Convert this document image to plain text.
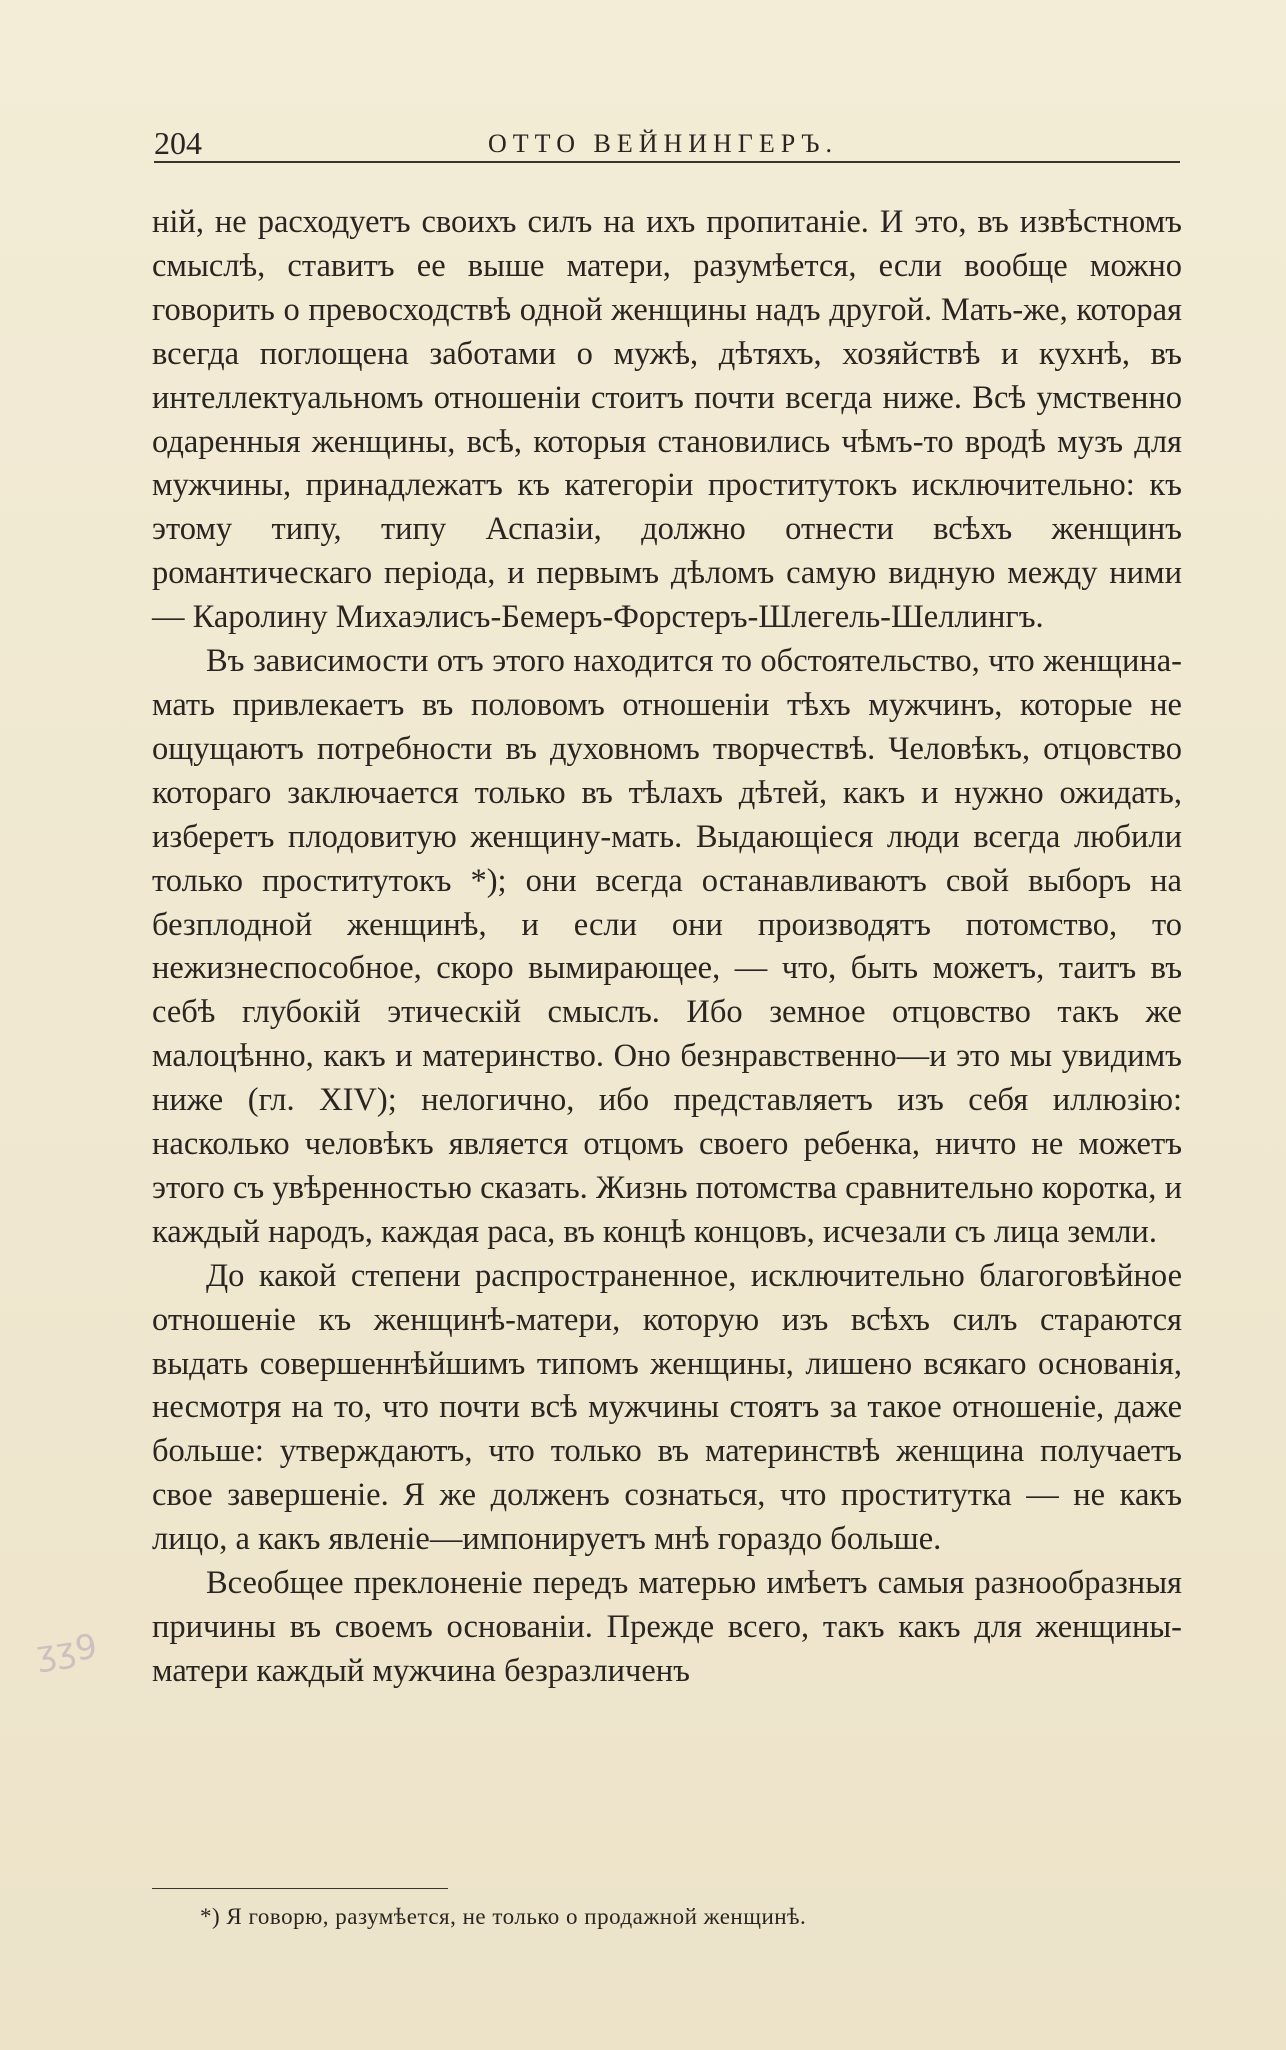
204	ОТТО ВЕЙНИНГЕРЪ.

ній, не расходуетъ своихъ силъ на ихъ пропитаніе. И это, въ извѣстномъ смыслѣ, ставитъ ее выше матери, разумѣется, если вообще можно говорить о превосходствѣ одной женщины надъ другой. Мать-же, которая всегда поглощена заботами о мужѣ, дѣтяхъ, хозяйствѣ и кухнѣ, въ интеллектуальномъ отношеніи стоитъ почти всегда ниже. Всѣ умственно одаренныя женщины, всѣ, которыя становились чѣмъ-то вродѣ музъ для мужчины, принадлежатъ къ категоріи проститутокъ исключительно: къ этому типу, типу Аспазіи, должно отнести всѣхъ женщинъ романтическаго періода, и первымъ дѣломъ самую видную между ними— Каролину Михаэлисъ-Бемеръ-Форстеръ-Шлегель-Шеллингъ.

Въ зависимости отъ этого находится то обстоятельство, что женщина-мать привлекаетъ въ половомъ отношеніи тѣхъ мужчинъ, которые не ощущаютъ потребности въ духовномъ творчествѣ. Человѣкъ, отцовство котораго заключается только въ тѣлахъ дѣтей, какъ и нужно ожидать, изберетъ плодовитую женщину-мать. Выдающіеся люди всегда любили только проститутокъ *); они всегда останавливаютъ свой выборъ на безплодной женщинѣ, и если они производятъ потомство, то нежизнеспособное, скоро вымирающее, — что, быть можетъ, таитъ въ себѣ глубокій этическій смыслъ. Ибо земное отцовство такъ же малоцѣнно, какъ и материнство. Оно безнравственно—и это мы увидимъ ниже (гл. XIV); нелогично, ибо представляетъ изъ себя иллюзію: насколько человѣкъ является отцомъ своего ребенка, ничто не можетъ этого съ увѣренностью сказать. Жизнь потомства сравнительно коротка, и каждый народъ, каждая раса, въ концѣ концовъ, исчезали съ лица земли.

До какой степени распространенное, исключительно благоговѣйное отношеніе къ женщинѣ-матери, которую изъ всѣхъ силъ стараются выдать совершеннѣйшимъ типомъ женщины, лишено всякаго основанія, несмотря на то, что почти всѣ мужчины стоятъ за такое отношеніе, даже больше: утверждаютъ, что только въ материнствѣ женщина получаетъ свое завершеніе. Я же долженъ сознаться, что проститутка — не какъ лицо, а какъ явленіе—импонируетъ мнѣ гораздо больше.

Всеобщее преклоненіе передъ матерью имѣетъ самыя разнообразныя причины въ своемъ основаніи. Прежде всего, такъ какъ для женщины-матери каждый мужчина безразличенъ

ʒʒ9

*) Я говорю, разумѣется, не только о продажной женщинѣ.
